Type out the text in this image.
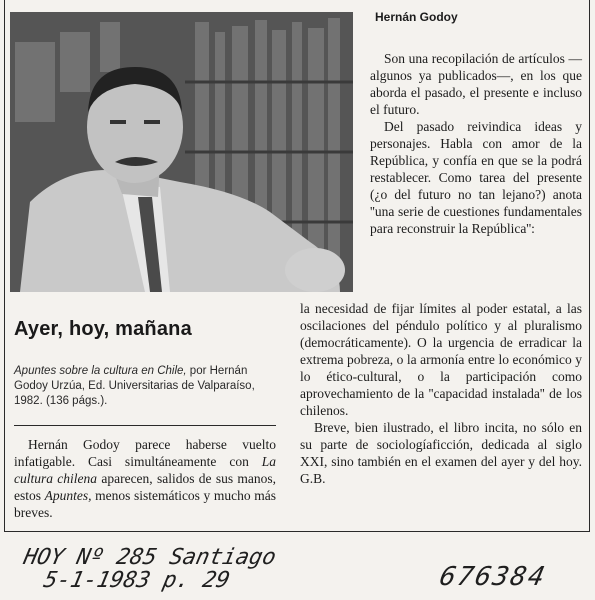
Hernán Godoy

Son una recopilación de artículos —algunos ya publicados—, en los que aborda el pasado, el presente e incluso el futuro.

Del pasado reivindica ideas y personajes. Habla con amor de la República, y confía en que se la podrá restablecer. Como tarea del presente (¿o del futuro no tan lejano?) anota ''una serie de cuestiones fundamentales para reconstruir la República'':

Ayer, hoy, mañana
Apuntes sobre la cultura en Chile, por Hernán Godoy Urzúa, Ed. Universitarias de Valparaíso, 1982. (136 págs.).

Hernán Godoy parece haberse vuelto infatigable. Casi simultáneamente con La cultura chilena aparecen, salidos de sus manos, estos Apuntes, menos sistemáticos y mucho más breves.

la necesidad de fijar límites al poder estatal, a las oscilaciones del péndulo político y al pluralismo (democráticamente). O la urgencia de erradicar la extrema pobreza, o la armonía entre lo económico y lo ético-cultural, o la participación como aprovechamiento de la ''capacidad instalada'' de los chilenos.

Breve, bien ilustrado, el libro incita, no sólo en su parte de sociologíaficción, dedicada al siglo XXI, sino también en el examen del ayer y del hoy. G.B.

HOY Nº 285 Santiago
5-1-1983 p. 29	676384
